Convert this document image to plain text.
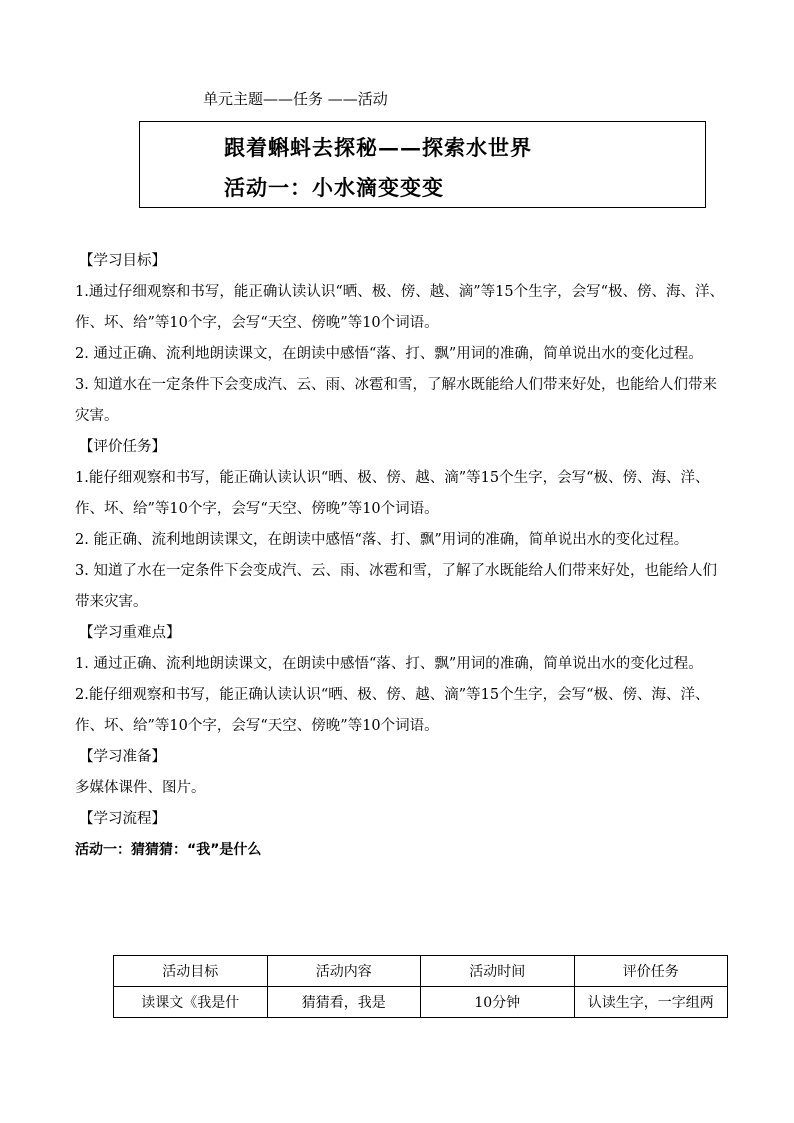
单元主题——任务 ——活动
跟着蝌蚪去探秘——探索水世界
活动一：小水滴变变变

【学习目标】

1.通过仔细观察和书写，能正确认读认识“晒、极、傍、越、滴”等15个生字，会写“极、傍、海、洋、作、坏、给”等10个字，会写“天空、傍晚”等10个词语。

2. 通过正确、流利地朗读课文，在朗读中感悟“落、打、飘”用词的准确，简单说出水的变化过程。

3. 知道水在一定条件下会变成汽、云、雨、冰雹和雪，了解水既能给人们带来好处，也能给人们带来灾害。

【评价任务】

1.能仔细观察和书写，能正确认读认识“晒、极、傍、越、滴”等15个生字，会写“极、傍、海、洋、作、坏、给”等10个字，会写“天空、傍晚”等10个词语。

2. 能正确、流利地朗读课文，在朗读中感悟“落、打、飘”用词的准确，简单说出水的变化过程。

3. 知道了水在一定条件下会变成汽、云、雨、冰雹和雪，了解了水既能给人们带来好处，也能给人们带来灾害。

【学习重难点】

1. 通过正确、流利地朗读课文，在朗读中感悟“落、打、飘”用词的准确，简单说出水的变化过程。

2.能仔细观察和书写，能正确认读认识“晒、极、傍、越、滴”等15个生字，会写“极、傍、海、洋、作、坏、给”等10个字，会写“天空、傍晚”等10个词语。

【学习准备】

多媒体课件、图片。

【学习流程】

活动一：猜猜猜：“我”是什么

活动目标	活动内容	活动时间	评价任务
读课文《我是什	猜猜看，我是	10分钟	认读生字，一字组两
